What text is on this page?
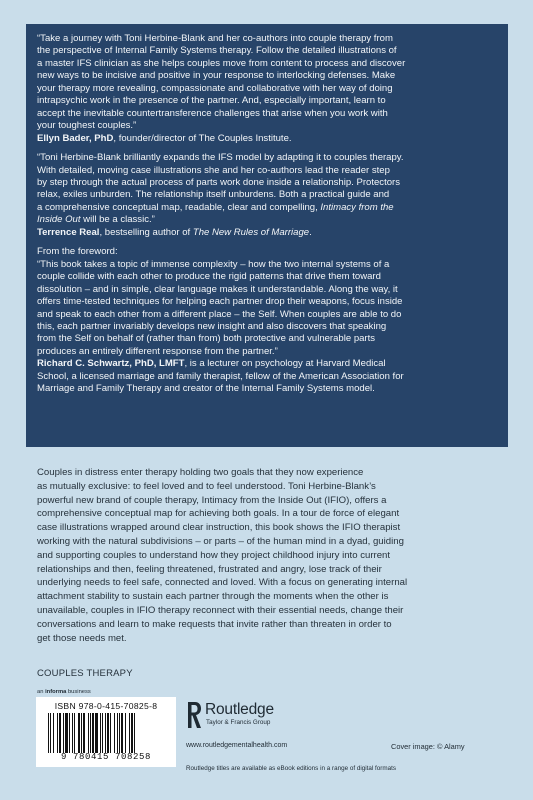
“Take a journey with Toni Herbine-Blank and her co-authors into couple therapy from

the perspective of Internal Family Systems therapy. Follow the detailed illustrations of

a master IFS clinician as she helps couples move from content to process and discover

new ways to be incisive and positive in your response to interlocking defenses. Make

your therapy more revealing, compassionate and collaborative with her way of doing

intrapsychic work in the presence of the partner. And, especially important, learn to

accept the inevitable countertransference challenges that arise when you work with

your toughest couples.”

Ellyn Bader, PhD, founder/director of The Couples Institute.

“Toni Herbine-Blank brilliantly expands the IFS model by adapting it to couples therapy.

With detailed, moving case illustrations she and her co-authors lead the reader step

by step through the actual process of parts work done inside a relationship. Protectors

relax, exiles unburden. The relationship itself unburdens. Both a practical guide and

a comprehensive conceptual map, readable, clear and compelling, Intimacy from the

Inside Out will be a classic.”

Terrence Real, bestselling author of The New Rules of Marriage.

From the foreword:

“This book takes a topic of immense complexity – how the two internal systems of a

couple collide with each other to produce the rigid patterns that drive them toward

dissolution – and in simple, clear language makes it understandable. Along the way, it

offers time-tested techniques for helping each partner drop their weapons, focus inside

and speak to each other from a different place – the Self. When couples are able to do

this, each partner invariably develops new insight and also discovers that speaking

from the Self on behalf of (rather than from) both protective and vulnerable parts

produces an entirely different response from the partner.”

Richard C. Schwartz, PhD, LMFT, is a lecturer on psychology at Harvard Medical

School, a licensed marriage and family therapist, fellow of the American Association for

Marriage and Family Therapy and creator of the Internal Family Systems model.

Couples in distress enter therapy holding two goals that they now experience
as mutually exclusive: to feel loved and to feel understood. Toni Herbine-Blank’s
powerful new brand of couple therapy, Intimacy from the Inside Out (IFIO), offers a
comprehensive conceptual map for achieving both goals. In a tour de force of elegant
case illustrations wrapped around clear instruction, this book shows the IFIO therapist
working with the natural subdivisions – or parts – of the human mind in a dyad, guiding
and supporting couples to understand how they project childhood injury into current
relationships and then, feeling threatened, frustrated and angry, lose track of their
underlying needs to feel safe, connected and loved. With a focus on generating internal
attachment stability to sustain each partner through the moments when the other is
unavailable, couples in IFIO therapy reconnect with their essential needs, change their
conversations and learn to make requests that invite rather than threaten in order to
get those needs met.
COUPLES THERAPY
an informa business

ISBN 978-0-415-70825-8

9 780415 708258

Routledge
Taylor & Francis Group
www.routledgementalhealth.com	Cover image: © Alamy
Routledge titles are available as eBook editions in a range of digital formats
